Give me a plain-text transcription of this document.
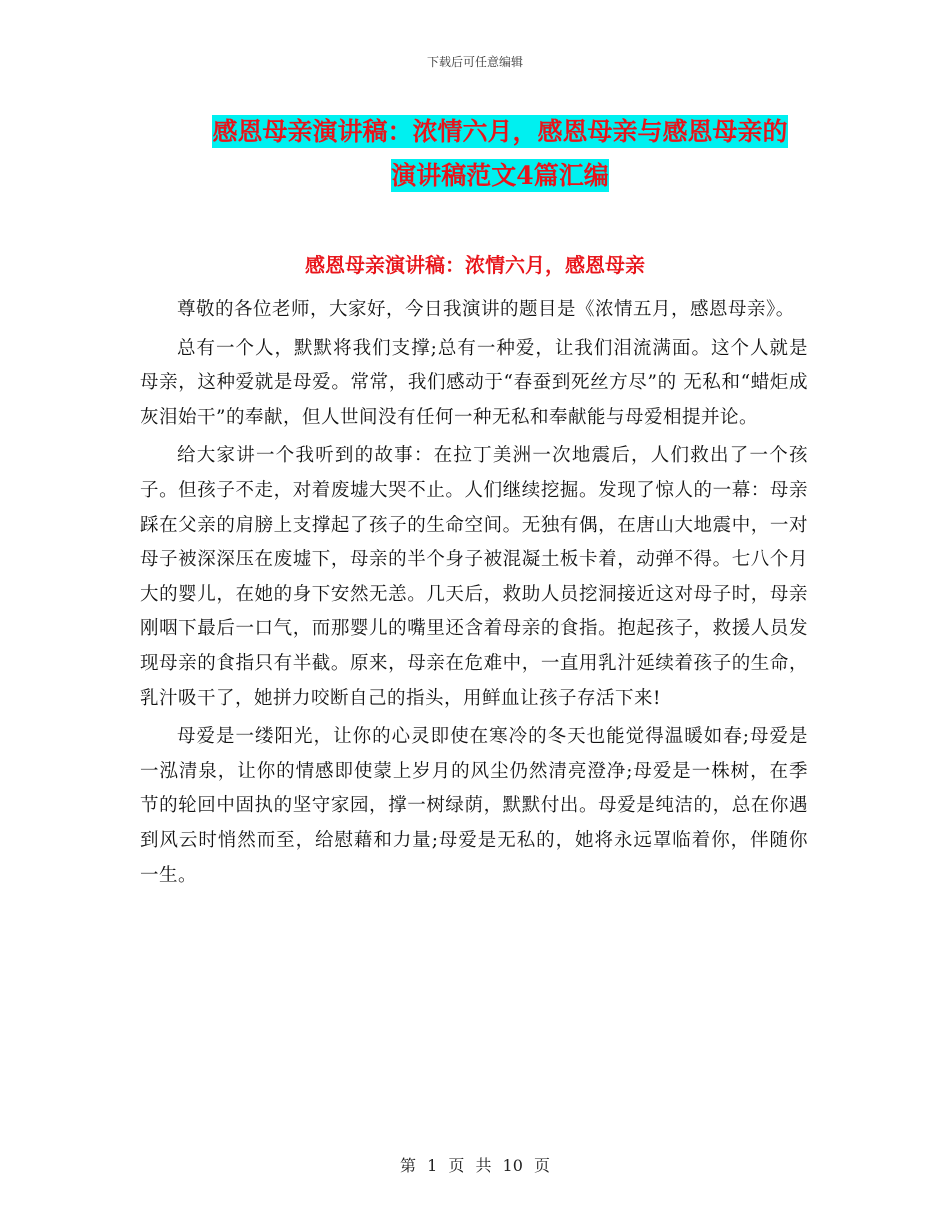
下载后可任意编辑
感恩母亲演讲稿：浓情六月，感恩母亲与感恩母亲的
演讲稿范文4篇汇编
感恩母亲演讲稿：浓情六月，感恩母亲

尊敬的各位老师，大家好，今日我演讲的题目是《浓情五月，感恩母亲》。

总有一个人，默默将我们支撑;总有一种爱，让我们泪流满面。这个人就是母亲，这种爱就是母爱。常常，我们感动于“春蚕到死丝方尽”的 无私和“蜡炬成灰泪始干”的奉献，但人世间没有任何一种无私和奉献能与母爱相提并论。

给大家讲一个我听到的故事：在拉丁美洲一次地震后，人们救出了一个孩子。但孩子不走，对着废墟大哭不止。人们继续挖掘。发现了惊人的一幕：母亲踩在父亲的肩膀上支撑起了孩子的生命空间。无独有偶，在唐山大地震中，一对母子被深深压在废墟下，母亲的半个身子被混凝土板卡着，动弹不得。七八个月大的婴儿，在她的身下安然无恙。几天后，救助人员挖洞接近这对母子时，母亲刚咽下最后一口气，而那婴儿的嘴里还含着母亲的食指。抱起孩子，救援人员发现母亲的食指只有半截。原来，母亲在危难中，一直用乳汁延续着孩子的生命，乳汁吸干了，她拼力咬断自己的指头，用鲜血让孩子存活下来!

母爱是一缕阳光，让你的心灵即使在寒冷的冬天也能觉得温暖如春;母爱是一泓清泉，让你的情感即使蒙上岁月的风尘仍然清亮澄净;母爱是一株树，在季节的轮回中固执的坚守家园，撑一树绿荫，默默付出。母爱是纯洁的，总在你遇到风云时悄然而至，给慰藉和力量;母爱是无私的，她将永远罩临着你，伴随你一生。

第 1 页 共 10 页
